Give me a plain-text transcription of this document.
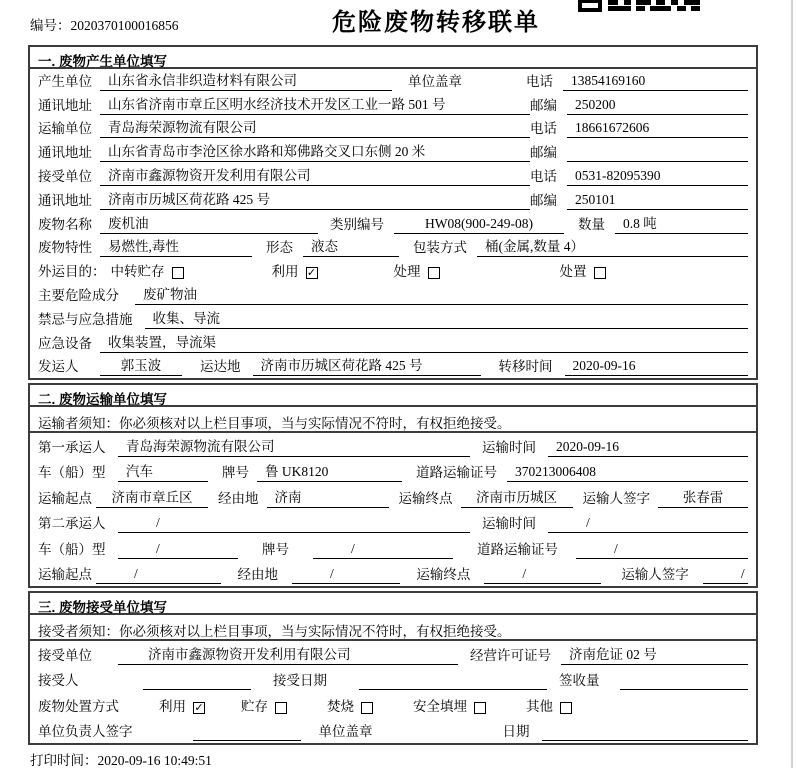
编号：2020370100016856	危险废物转移联单
一. 废物产生单位填写
产生单位	山东省永信非织造材料有限公司	单位盖章	电话	13854169160
通讯地址	山东省济南市章丘区明水经济技术开发区工业一路 501 号	邮编	250200
运输单位	青岛海荣源物流有限公司	电话	18661672606
通讯地址	山东省青岛市李沧区徐水路和郑佛路交叉口东侧 20 米	邮编
接受单位	济南市鑫源物资开发利用有限公司	电话	0531-82095390
通讯地址	济南市历城区荷花路 425 号	邮编	250101
废物名称	废机油	类别编号	HW08(900-249-08)	数量	0.8 吨
废物特性	易燃性,毒性	形态	液态	包装方式	桶(金属,数量 4）
外运目的： 中转贮存	利用 ✓	处理	处置
主要危险成分	废矿物油
禁忌与应急措施	收集、导流
应急设备	收集装置，导流渠
发运人	郭玉波	运达地	济南市历城区荷花路 425 号	转移时间	2020-09-16
二. 废物运输单位填写
运输者须知：你必须核对以上栏目事项，当与实际情况不符时，有权拒绝接受。
第一承运人	青岛海荣源物流有限公司	运输时间	2020-09-16
车（船）型	汽车	牌号	鲁 UK8120	道路运输证号	370213006408
运输起点	济南市章丘区	经由地	济南	运输终点	济南市历城区	运输人签字	张春雷
第二承运人	/	运输时间	/
车（船）型	/	牌号	/	道路运输证号	/
运输起点	/	经由地	/	运输终点	/	运输人签字	/
三. 废物接受单位填写
接受者须知：你必须核对以上栏目事项，当与实际情况不符时，有权拒绝接受。
接受单位	济南市鑫源物资开发利用有限公司	经营许可证号	济南危证 02 号
接受人	接受日期	签收量
废物处置方式	利用 ✓	贮存	焚烧	安全填埋	其他
单位负责人签字	单位盖章	日期
打印时间：2020-09-16 10:49:51
